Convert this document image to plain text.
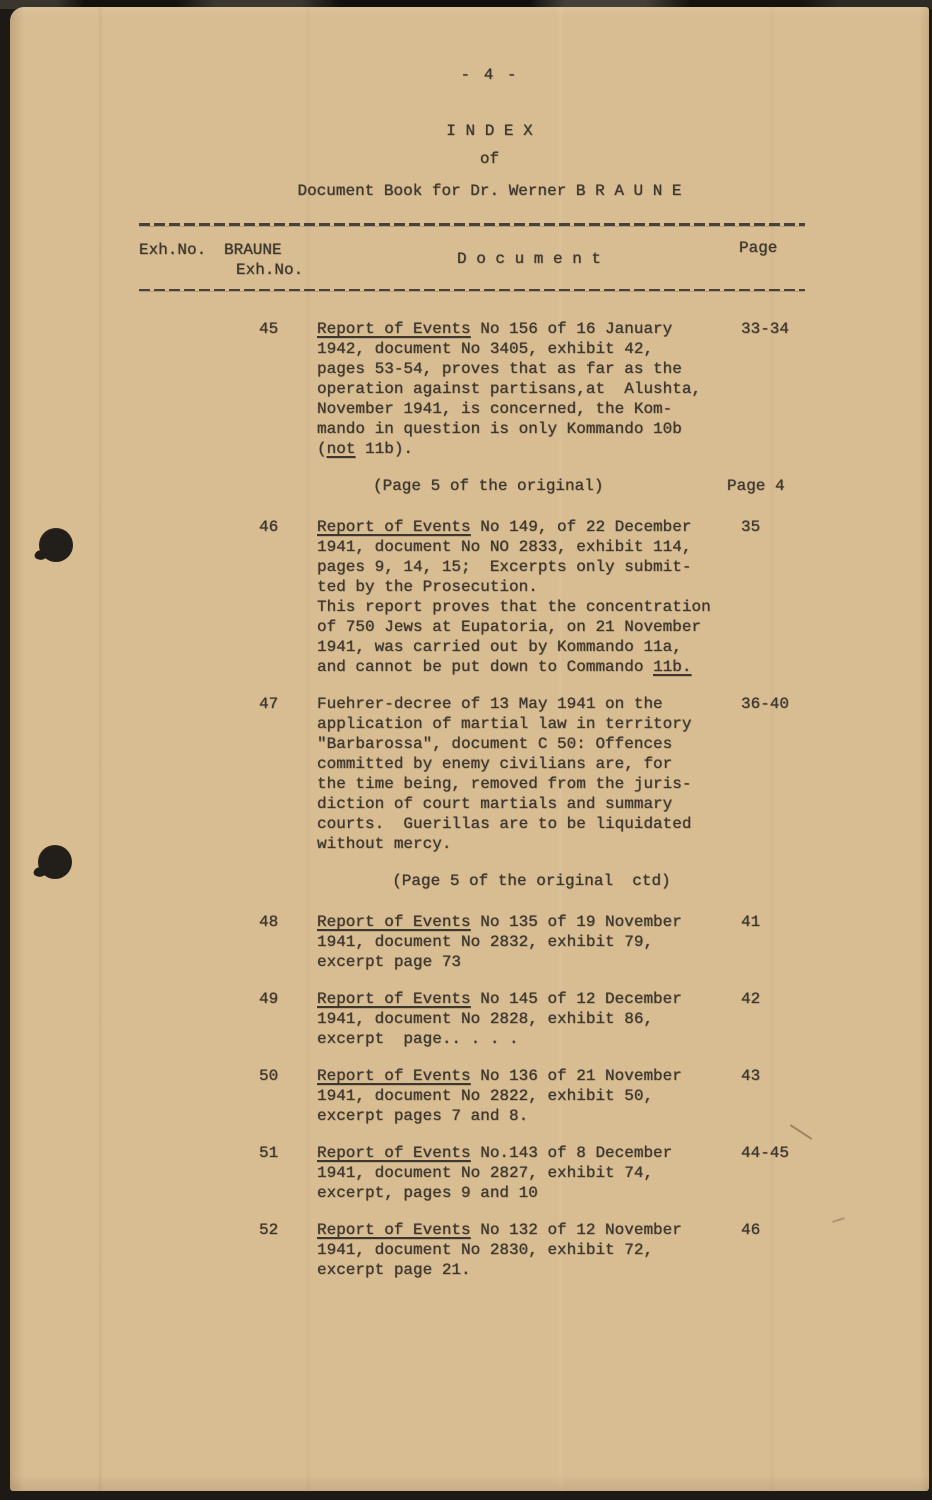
- 4 -
I N D E X
of
Document Book for Dr. Werner B R A U N E
Exh.No. BRAUNE
Exh.No.
D o c u m e n t
Page
45	Report of Events No 156 of 16 January
1942, document No 3405, exhibit 42,
pages 53-54, proves that as far as the
operation against partisans,at  Alushta,
November 1941, is concerned, the Kom-
mando in question is only Kommando 10b
(not 11b).
33-34
(Page 5 of the original)	Page 4
46	Report of Events No 149, of 22 December
1941, document No NO 2833, exhibit 114,
pages 9, 14, 15;  Excerpts only submit-
ted by the Prosecution.
This report proves that the concentration
of 750 Jews at Eupatoria, on 21 November
1941, was carried out by Kommando 11a,
and cannot be put down to Commando 11b.
35
47	Fuehrer-decree of 13 May 1941 on the
application of martial law in territory
"Barbarossa", document C 50: Offences
committed by enemy civilians are, for
the time being, removed from the juris-
diction of court martials and summary
courts.  Guerillas are to be liquidated
without mercy.
36-40
(Page 5 of the original  ctd)
48	Report of Events No 135 of 19 November
1941, document No 2832, exhibit 79,
excerpt page 73
41
49	Report of Events No 145 of 12 December
1941, document No 2828, exhibit 86,
excerpt  page.. . . .
42
50	Report of Events No 136 of 21 November
1941, document No 2822, exhibit 50,
excerpt pages 7 and 8.
43
51	Report of Events No.143 of 8 December
1941, document No 2827, exhibit 74,
excerpt, pages 9 and 10
44-45
52	Report of Events No 132 of 12 November
1941, document No 2830, exhibit 72,
excerpt page 21.
46
